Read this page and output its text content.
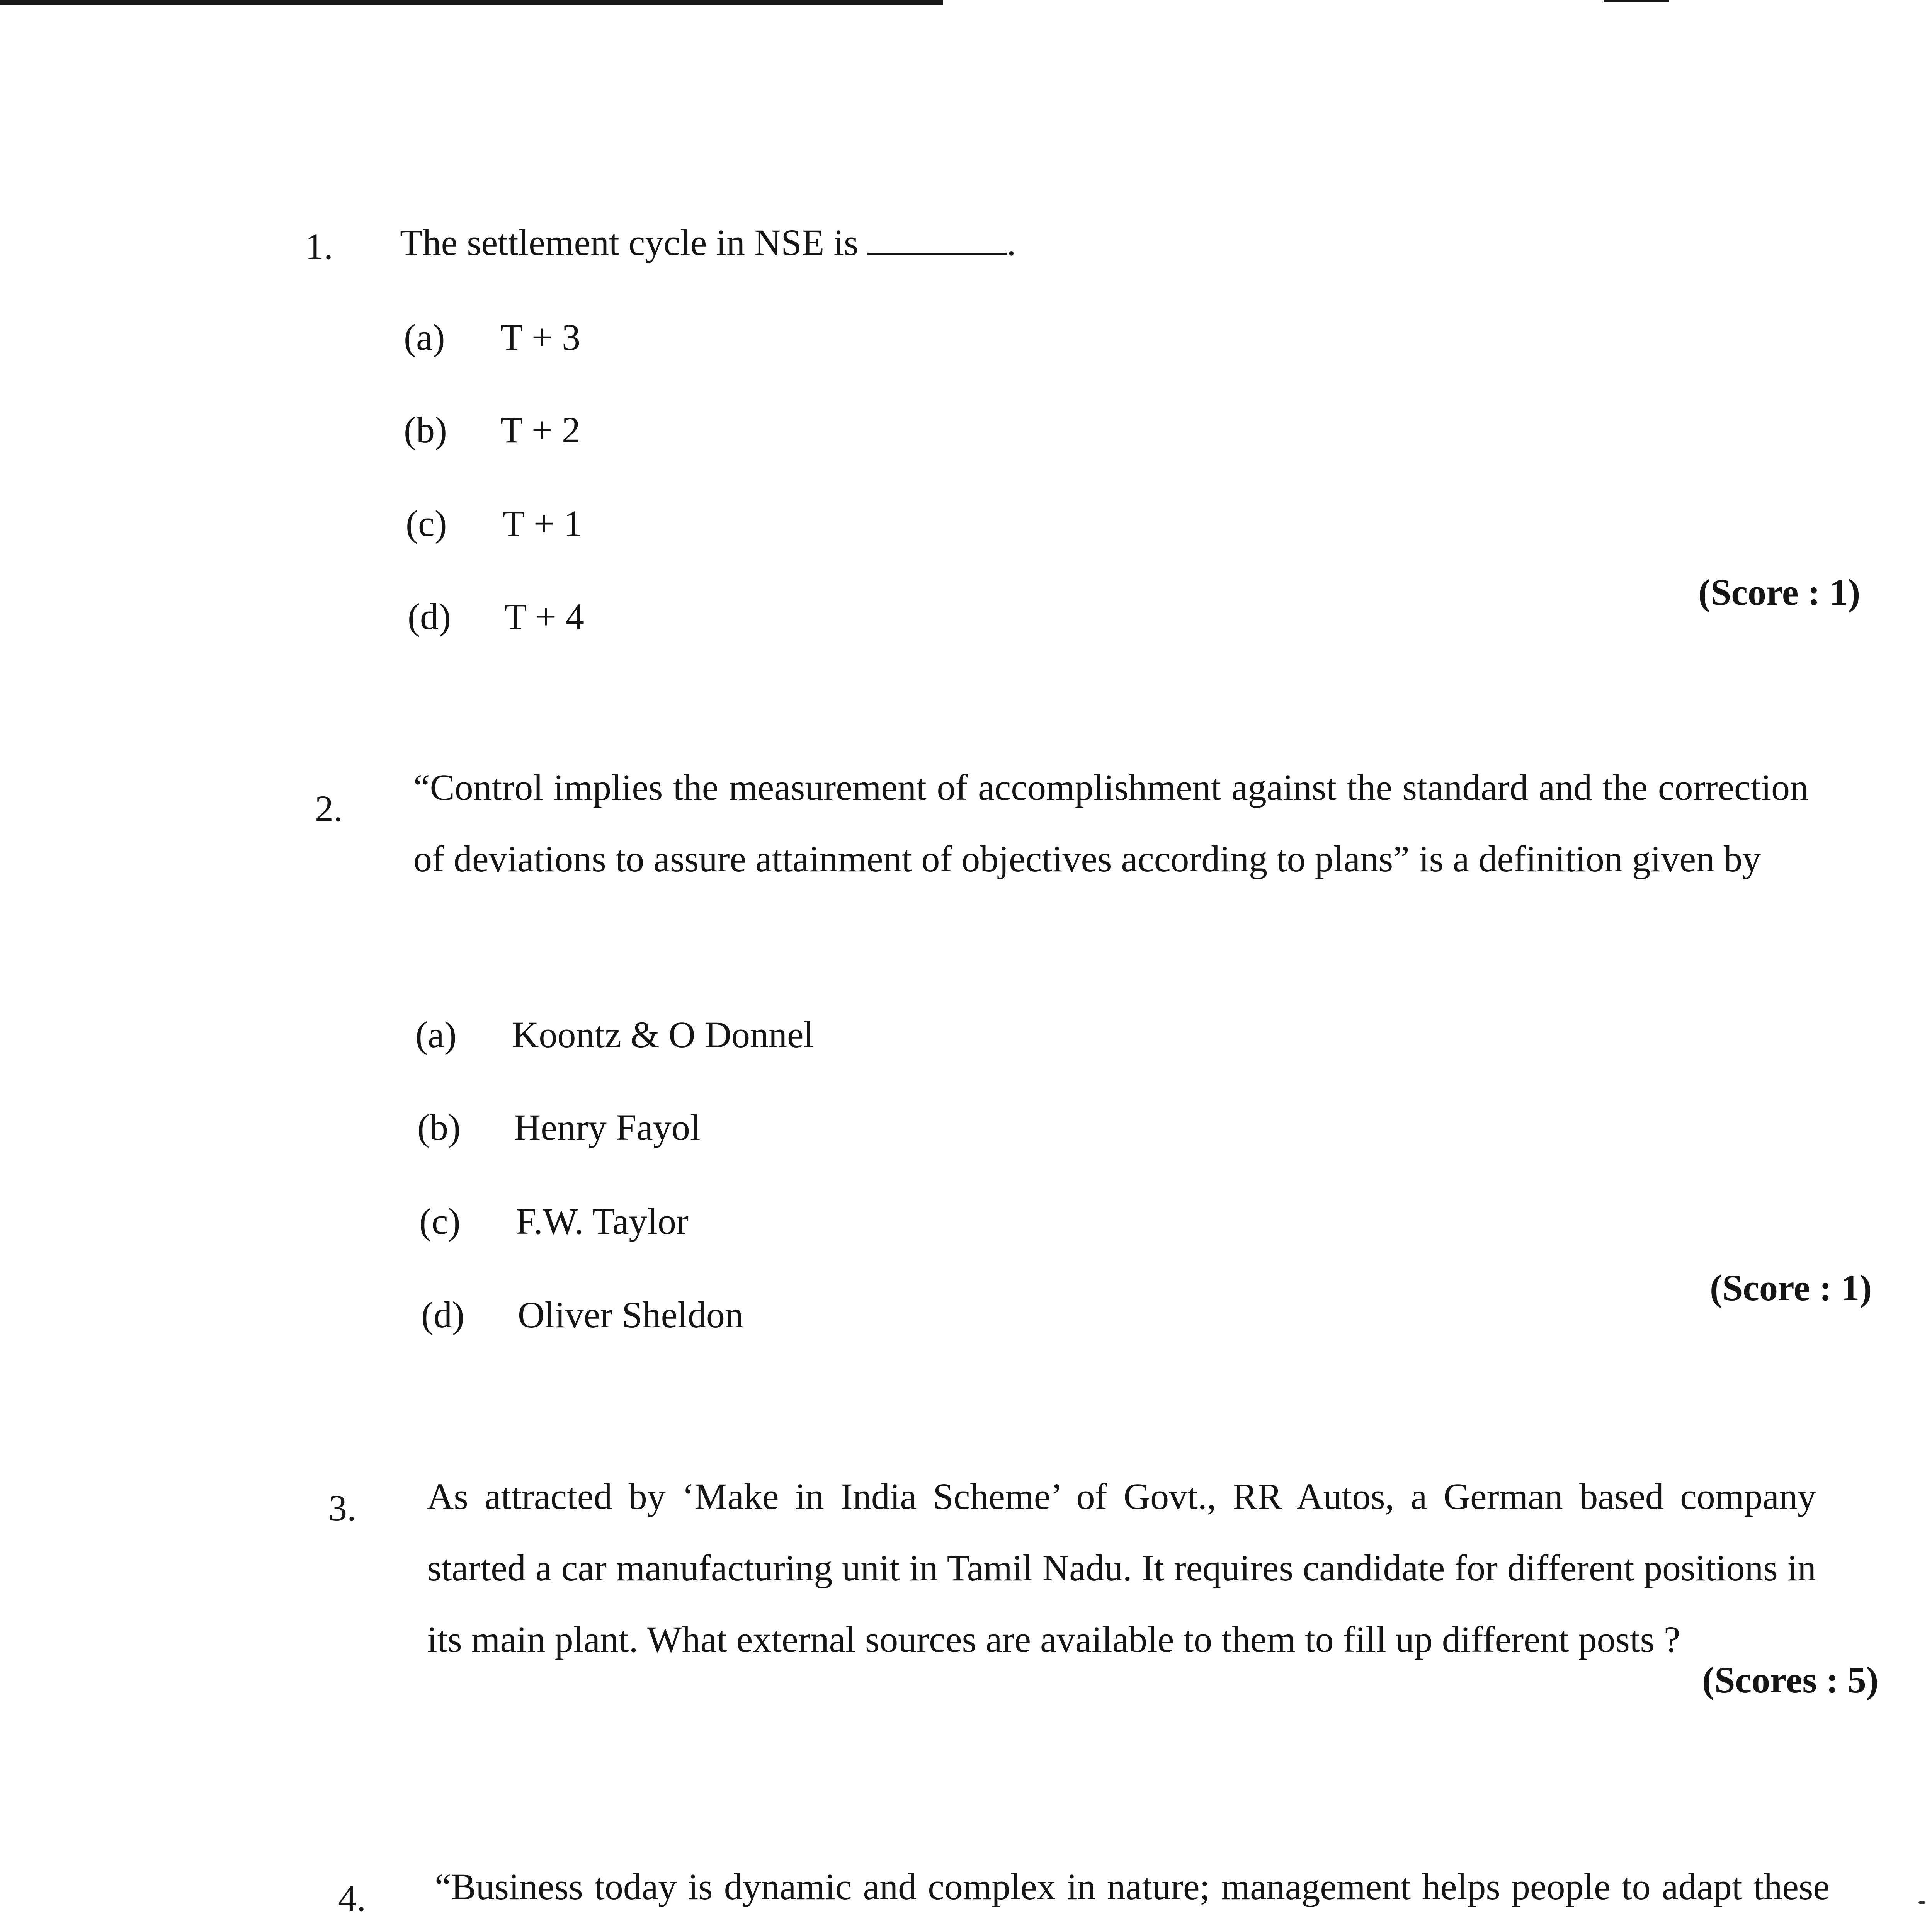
1.	The settlement cycle in NSE is	.
(a) T + 3
(b) T + 2
(c) T + 1
(d) T + 4
(Score : 1)
2.
“Control implies the measurement of accomplishment against the standard and the correction of deviations to assure attainment of objectives according to plans” is a definition given by
(a) Koontz & O Donnel
(b) Henry Fayol
(c) F.W. Taylor
(d) Oliver Sheldon
(Score : 1)
3.	As attracted by ‘Make in India Scheme’ of Govt., RR Autos, a German based company started a car manufacturing unit in Tamil Nadu. It requires candidate for different positions in its main plant. What external sources are available to them to fill up different posts ?
(Scores : 5)
4.	“Business today is dynamic and complex in nature; management helps people to adapt these
